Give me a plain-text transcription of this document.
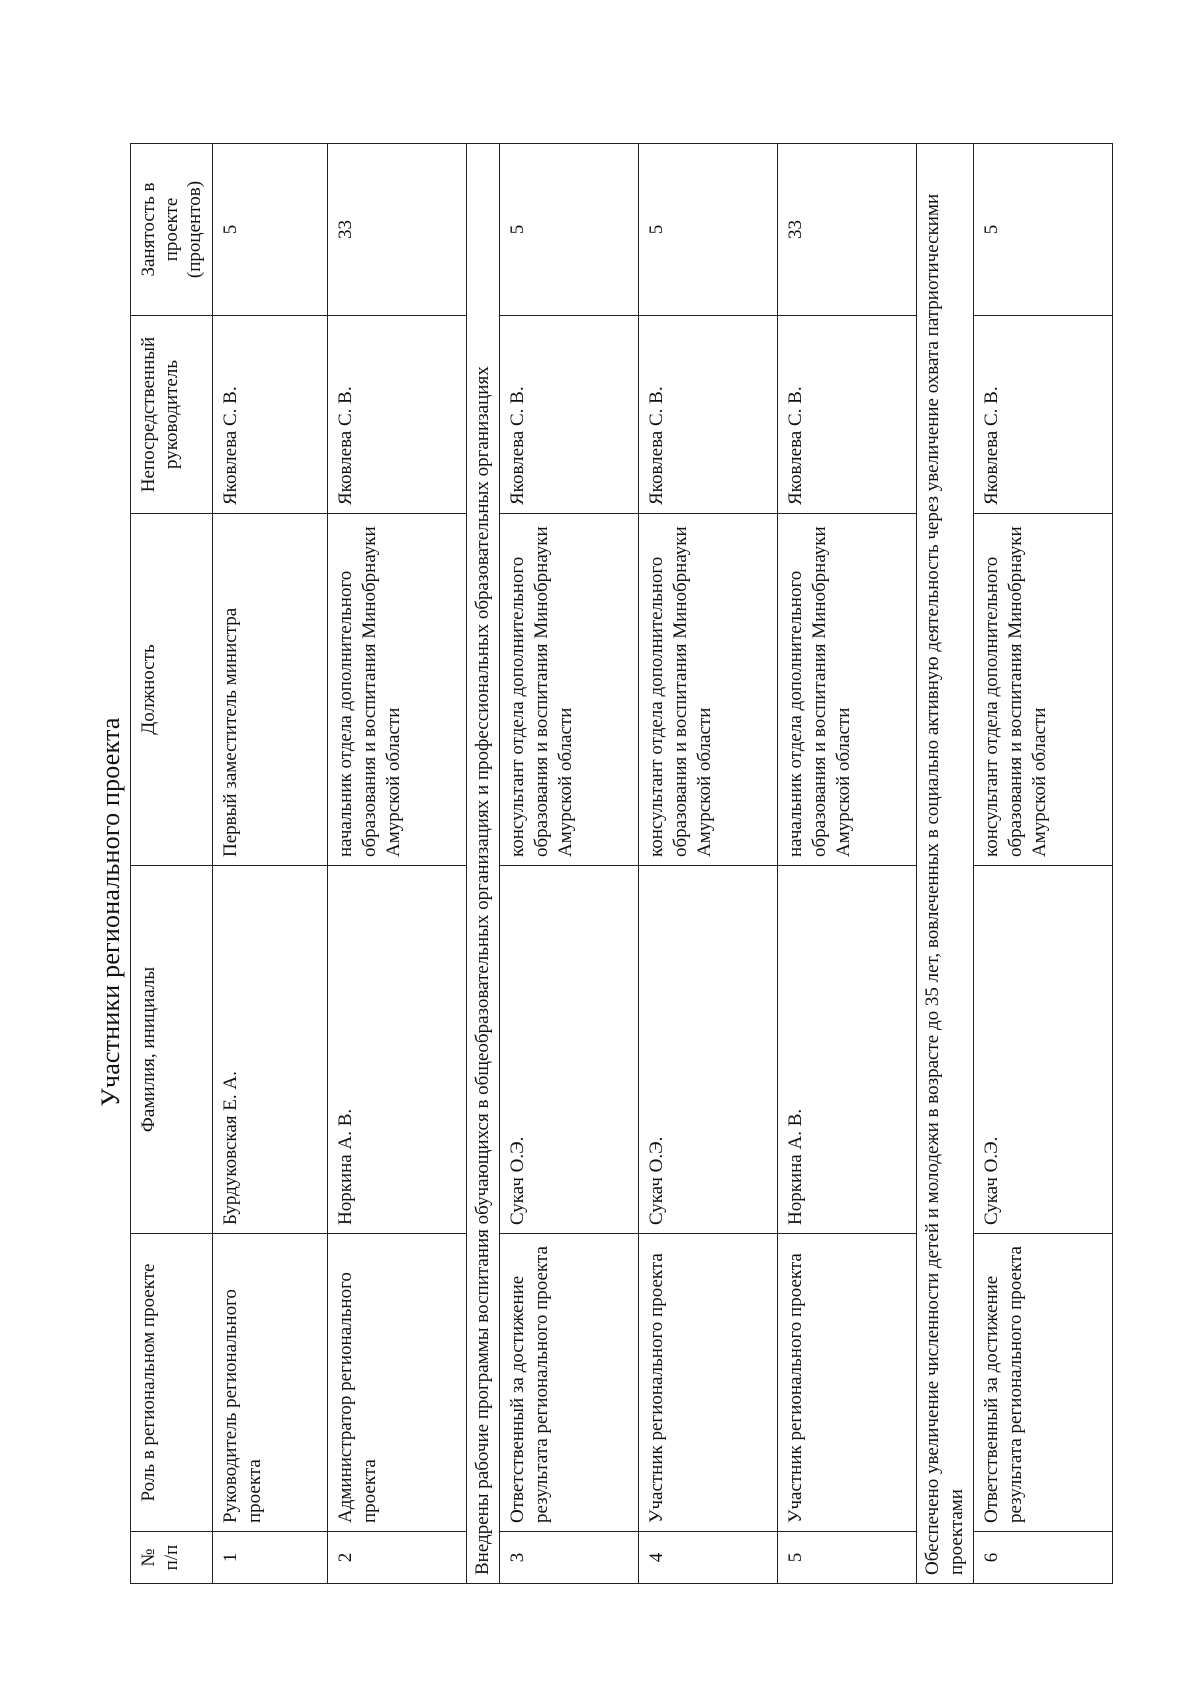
Участники регионального проекта
№ п/п	Роль в региональном проекте	Фамилия, инициалы	Должность	Непосредственный руководитель	Занятость в проекте (процентов)
1	Руководитель регионального проекта	Бурдуковская Е. А.	Первый заместитель министра	Яковлева С. В.	5
2	Администратор регионального проекта	Норкина А. В.	начальник отдела дополнительного образования и воспитания Минобрнауки Амурской области	Яковлева С. В.	33
Внедрены рабочие программы воспитания обучающихся в общеобразовательных организациях и профессиональных образовательных организациях					
3	Ответственный за достижение результата регионального проекта	Сукач О.Э.	консультант отдела дополнительного образования и воспитания Минобрнауки Амурской области	Яковлева С. В.	5
4	Участник регионального проекта	Сукач О.Э.	консультант отдела дополнительного образования и воспитания Минобрнауки Амурской области	Яковлева С. В.	5
5	Участник регионального проекта	Норкина А. В.	начальник отдела дополнительного образования и воспитания Минобрнауки Амурской области	Яковлева С. В.	33
Обеспечено увеличение численности детей и молодежи в возрасте до 35 лет, вовлеченных в социально активную деятельность через увеличение охвата патриотическими проектами					
6	Ответственный за достижение результата регионального проекта	Сукач О.Э.	консультант отдела дополнительного образования и воспитания Минобрнауки Амурской области	Яковлева С. В.	5
